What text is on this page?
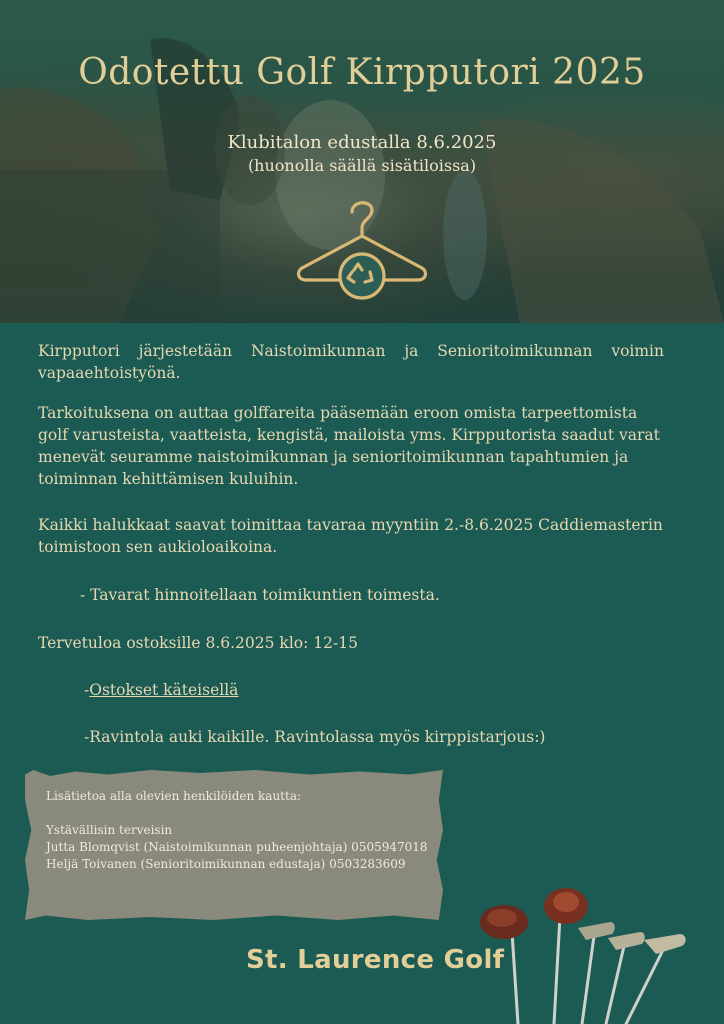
Odotettu Golf Kirpputori 2025
Klubitalon edustalla 8.6.2025
(huonolla säällä sisätiloissa)
Kirpputori järjestetään Naistoimikunnan ja Senioritoimikunnan voimin vapaaehtoistyönä.
Tarkoituksena on auttaa golffareita pääsemään eroon omista tarpeettomista golf varusteista, vaatteista, kengistä, mailoista yms. Kirpputorista saadut varat menevät seuramme naistoimikunnan ja senioritoimikunnan tapahtumien ja toiminnan kehittämisen kuluihin.
Kaikki halukkaat saavat toimittaa tavaraa myyntiin 2.-8.6.2025 Caddiemasterin toimistoon sen aukioloaikoina.
- Tavarat hinnoitellaan toimikuntien toimesta.
Tervetuloa ostoksille 8.6.2025 klo: 12-15
-Ostokset käteisellä
-Ravintola auki kaikille. Ravintolassa myös kirppistarjous:)
Lisätietoa alla olevien henkilöiden kautta:
Ystävällisin terveisin
Jutta Blomqvist (Naistoimikunnan puheenjohtaja) 0505947018
Heljä Toivanen (Senioritoimikunnan edustaja) 0503283609
St. Laurence Golf
